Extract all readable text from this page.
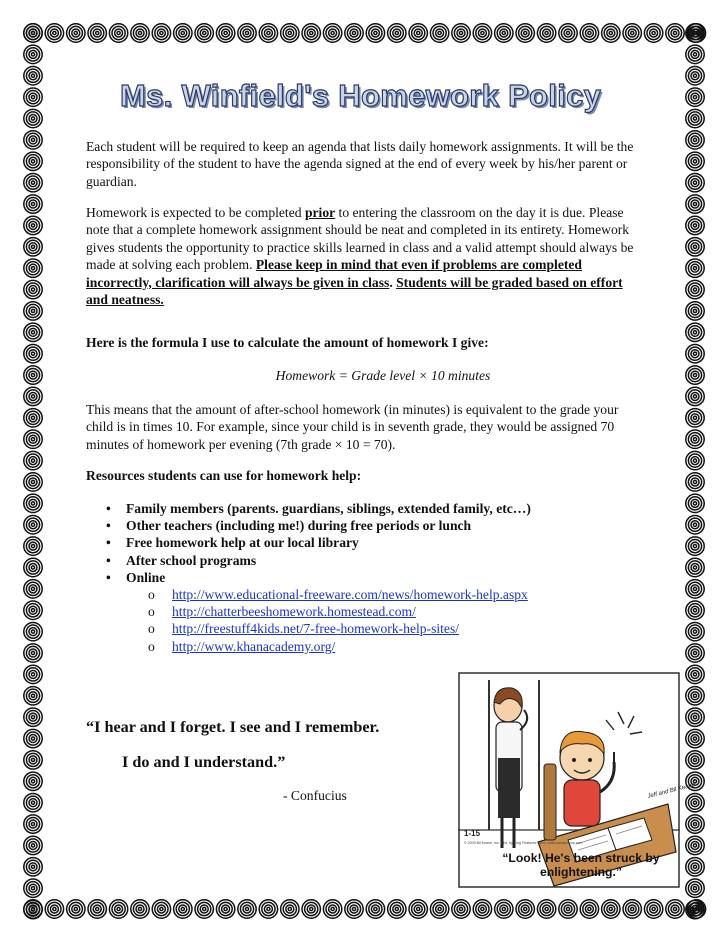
Ms. Winfield's Homework Policy

Each student will be required to keep an agenda that lists daily homework assignments. It will be the responsibility of the student to have the agenda signed at the end of every week by his/her parent or guardian.

Homework is expected to be completed prior to entering the classroom on the day it is due. Please note that a complete homework assignment should be neat and completed in its entirety. Homework gives students the opportunity to practice skills learned in class and a valid attempt should always be made at solving each problem. Please keep in mind that even if problems are completed incorrectly, clarification will always be given in class. Students will be graded based on effort and neatness.

Here is the formula I use to calculate the amount of homework I give:

Homework = Grade level × 10 minutes

This means that the amount of after-school homework (in minutes) is equivalent to the grade your child is in times 10. For example, since your child is in seventh grade, they would be assigned 70 minutes of homework per evening (7th grade × 10 = 70).

Resources students can use for homework help:

• Family members (parents. guardians, siblings, extended family, etc…)
• Other teachers (including me!) during free periods or lunch
• Free homework help at our local library
• After school programs
• Online
o http://www.educational-freeware.com/news/homework-help.aspx
o http://chatterbeeshomework.homestead.com/
o http://freestuff4kids.net/7-free-homework-help-sites/
o http://www.khanacademy.org/
“I hear and I forget. I see and I remember.
I do and I understand.”
- Confucius
1-15
Jeff and Bil Keane
© 2009 Bil Keane, Inc. Dist. by King Features Synd. www.familycircus.com
“Look! He's been struck by enlightening.”
